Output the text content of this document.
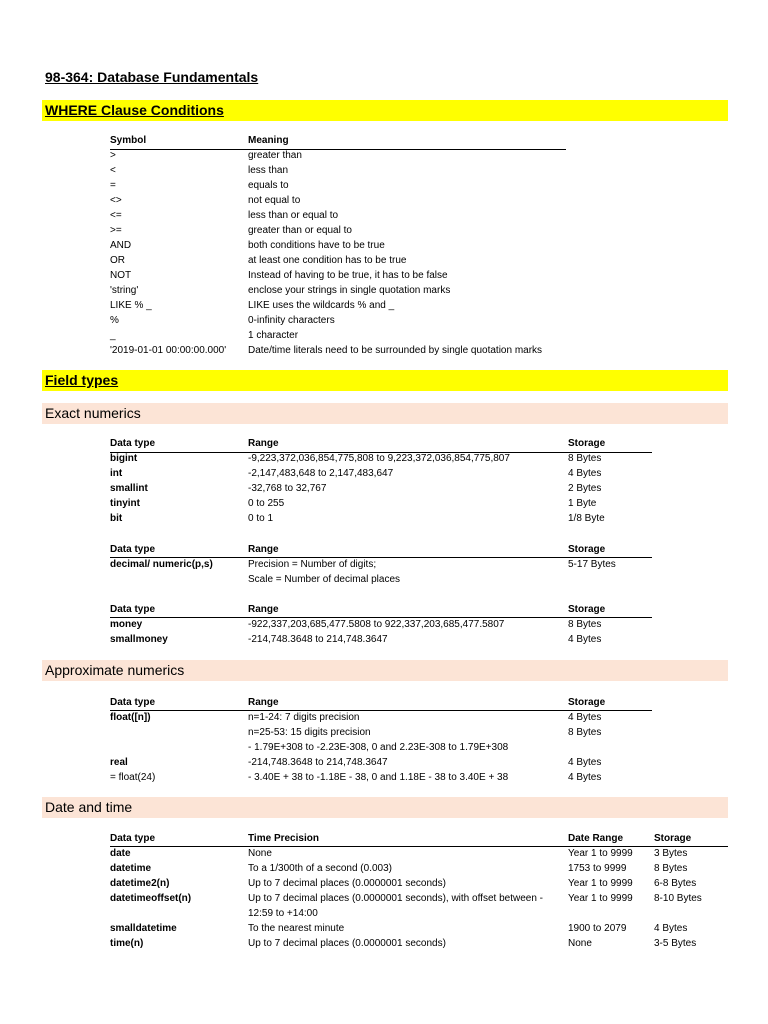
98-364: Database Fundamentals
WHERE Clause Conditions
Symbol	Meaning
>	greater than
<	less than
=	equals to
<>	not equal to
<=	less than or equal to
>=	greater than or equal to
AND	both conditions have to be true
OR	at least one condition has to be true
NOT	Instead of having to be true, it has to be false
'string'	enclose your strings in single quotation marks
LIKE % _	LIKE uses the wildcards % and _
%	0-infinity characters
_	1 character
'2019-01-01 00:00:00.000' Date/time literals need to be surrounded by single quotation marks
Field types
Exact numerics
Data type	Range	Storage
bigint	-9,223,372,036,854,775,808 to 9,223,372,036,854,775,807	8 Bytes
int	-2,147,483,648 to 2,147,483,647	4 Bytes
smallint	-32,768 to 32,767	2 Bytes
tinyint	0 to 255	1 Byte
bit	0 to 1	1/8 Byte
Data type	Range	Storage
decimal/ numeric(p,s)	Precision = Number of digits;	5-17 Bytes
Scale = Number of decimal places
Data type	Range	Storage
money	-922,337,203,685,477.5808 to 922,337,203,685,477.5807	8 Bytes
smallmoney	-214,748.3648 to 214,748.3647	4 Bytes
Approximate numerics
Data type	Range	Storage
float([n])	n=1-24: 7 digits precision	4 Bytes
n=25-53: 15 digits precision	8 Bytes
- 1.79E+308 to -2.23E-308, 0 and 2.23E-308 to 1.79E+308
real	-214,748.3648 to 214,748.3647	4 Bytes
= float(24)	- 3.40E + 38 to -1.18E - 38, 0 and 1.18E - 38 to 3.40E + 38	4 Bytes
Date and time
Data type	Time Precision	Date Range	Storage
date	None	Year 1 to 9999 3 Bytes
datetime	To a 1/300th of a second (0.003)	1753 to 9999	8 Bytes
datetime2(n)	Up to 7 decimal places (0.0000001 seconds)	Year 1 to 9999 6-8 Bytes
datetimeoffset(n)	Up to 7 decimal places (0.0000001 seconds), with offset between -	Year 1 to 9999 8-10 Bytes
12:59 to +14:00
smalldatetime	To the nearest minute	1900 to 2079	4 Bytes
time(n)	Up to 7 decimal places (0.0000001 seconds)	None	3-5 Bytes
